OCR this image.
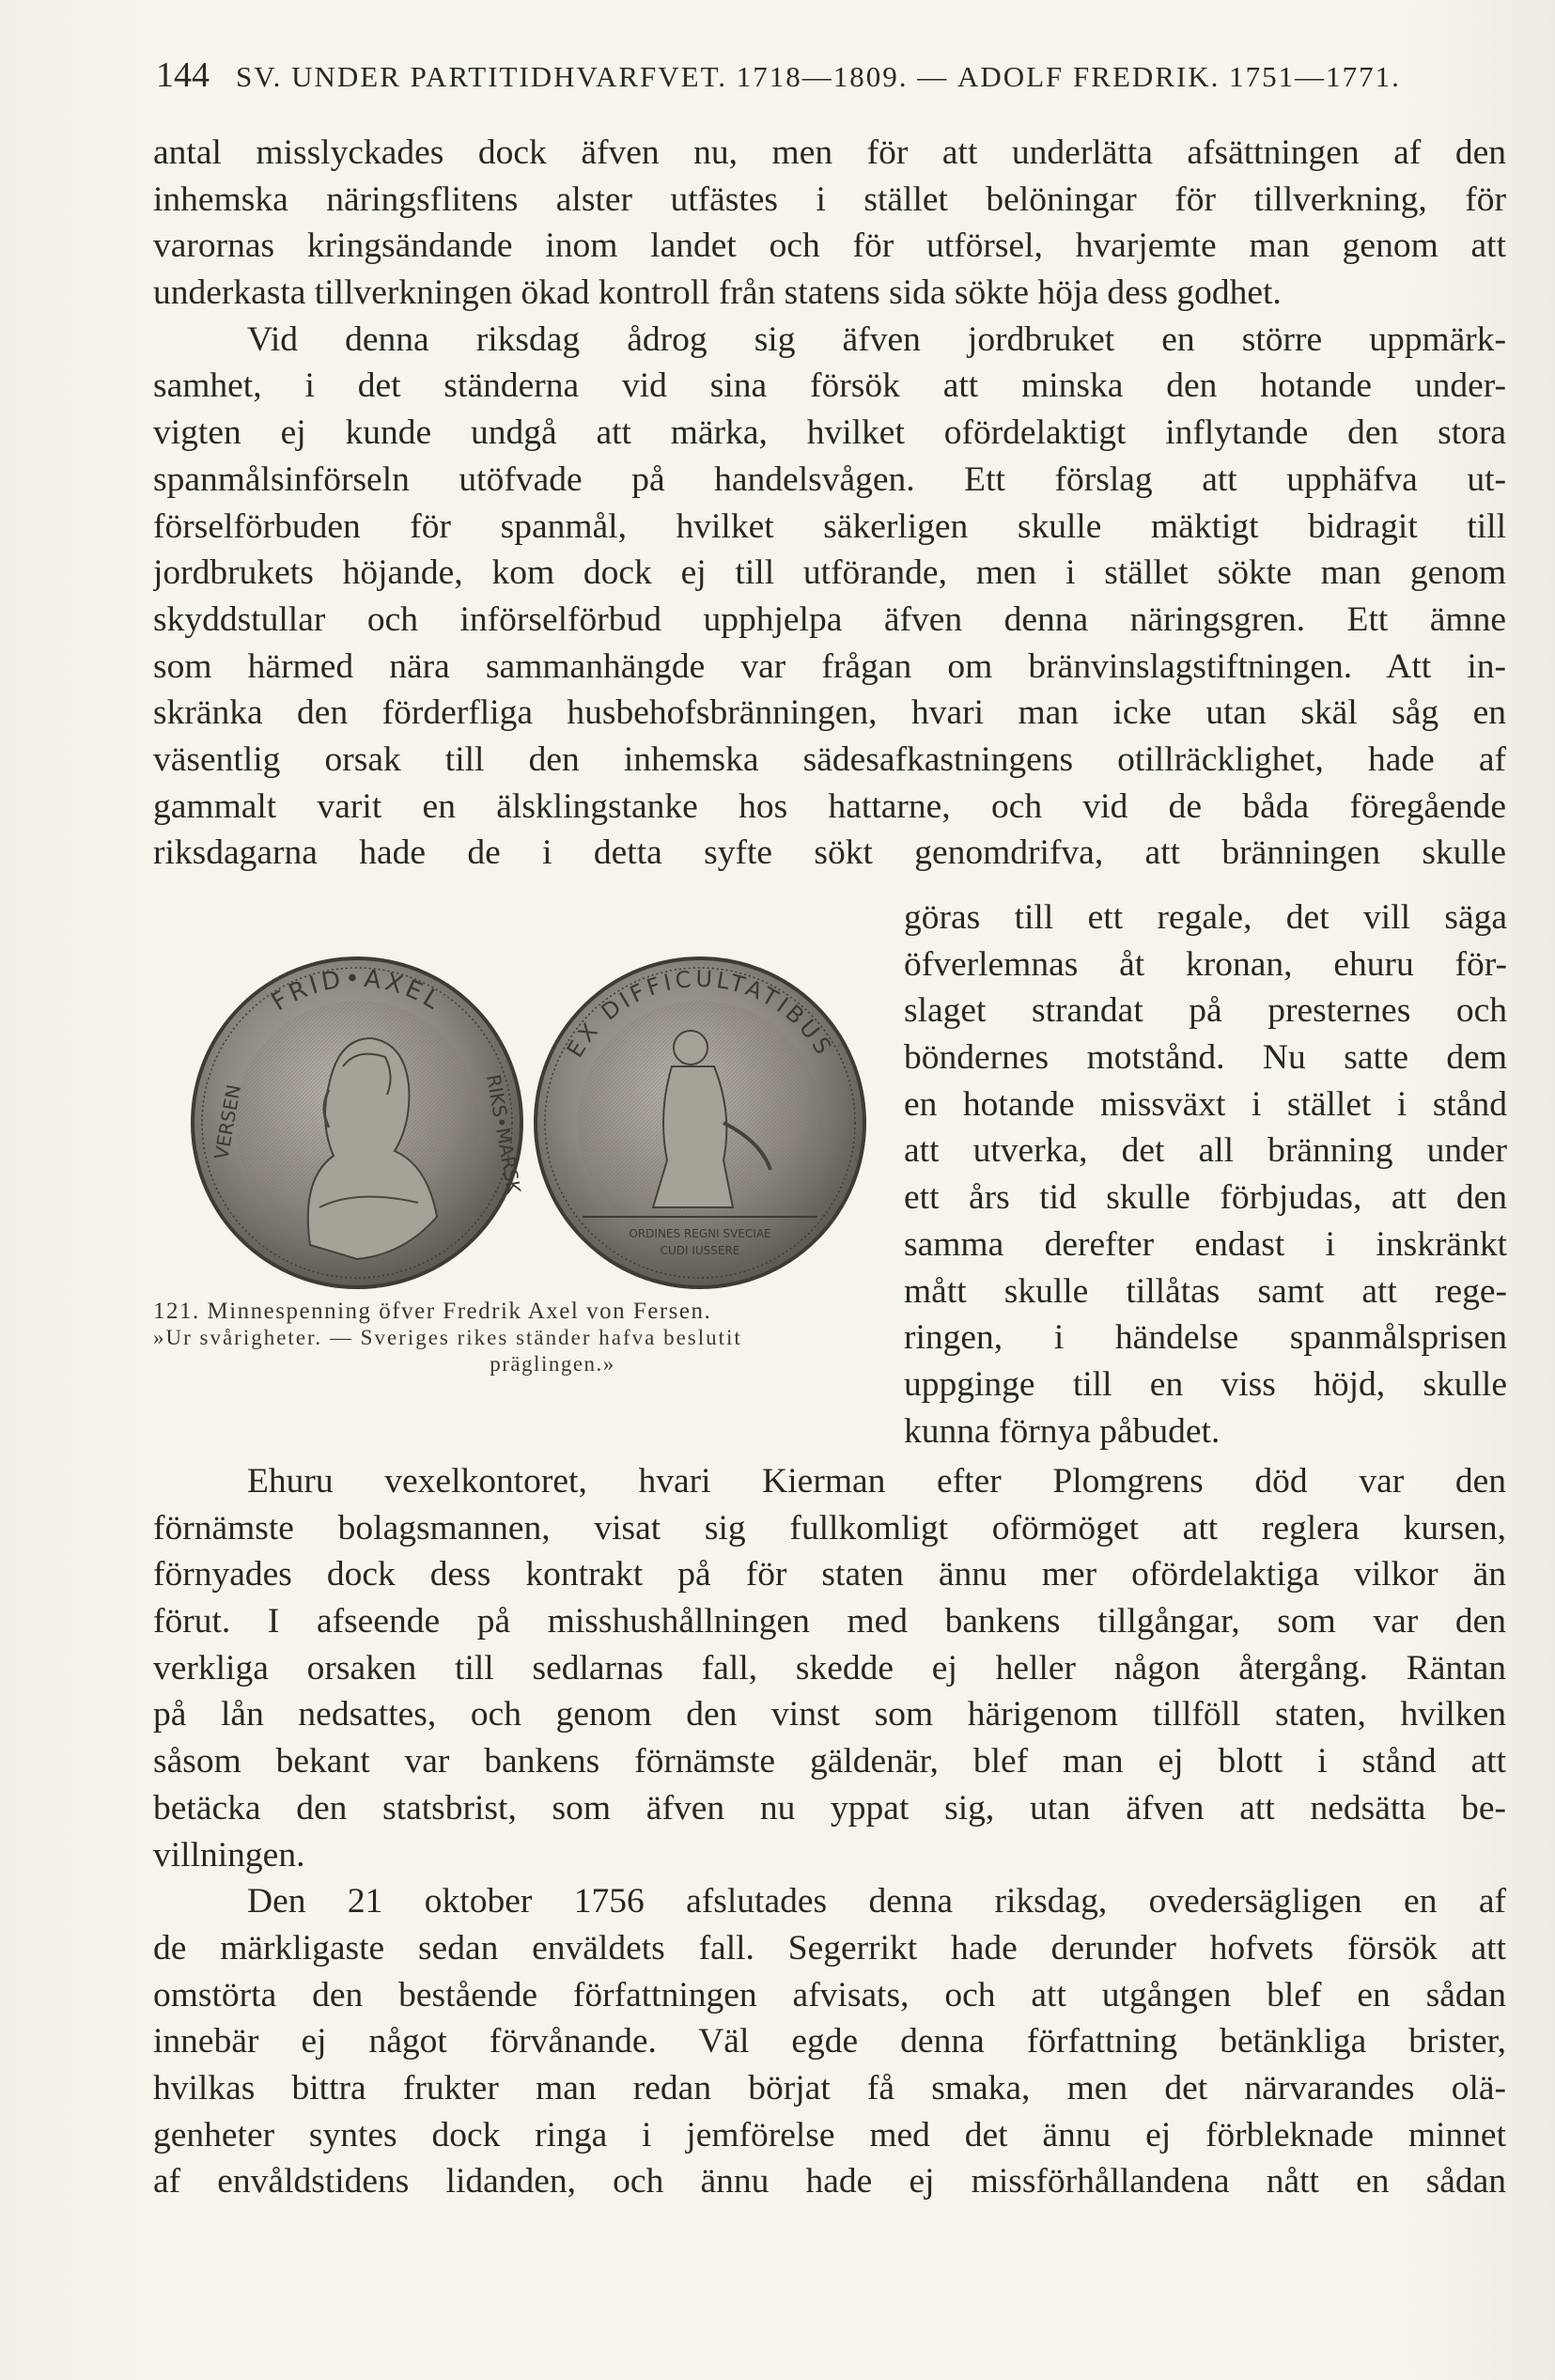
144 SV. UNDER PARTITIDHVARFVET. 1718—1809. — ADOLF FREDRIK. 1751—1771.
antal misslyckades dock äfven nu, men för att underlätta afsättningen af den
inhemska näringsflitens alster utfästes i stället belöningar för tillverkning, för
varornas kringsändande inom landet och för utförsel, hvarjemte man genom att
underkasta tillverkningen ökad kontroll från statens sida sökte höja dess godhet.
Vid denna riksdag ådrog sig äfven jordbruket en större uppmärk-
samhet, i det ständerna vid sina försök att minska den hotande under-
vigten ej kunde undgå att märka, hvilket ofördelaktigt inflytande den stora
spanmålsinförseln utöfvade på handelsvågen. Ett förslag att upphäfva ut-
förselförbuden för spanmål, hvilket säkerligen skulle mäktigt bidragit till
jordbrukets höjande, kom dock ej till utförande, men i stället sökte man genom
skyddstullar och införselförbud upphjelpa äfven denna näringsgren. Ett ämne
som härmed nära sammanhängde var frågan om bränvinslagstiftningen. Att in-
skränka den förderfliga husbehofsbränningen, hvari man icke utan skäl såg en
väsentlig orsak till den inhemska sädesafkastningens otillräcklighet, hade af
gammalt varit en älsklingstanke hos hattarne, och vid de båda föregående
riksdagarna hade de i detta syfte sökt genomdrifva, att bränningen skulle
göras till ett regale, det vill säga
öfverlemnas åt kronan, ehuru för-
slaget strandat på presternes och
böndernes motstånd. Nu satte dem
en hotande missväxt i stället i stånd
att utverka, det all bränning under
ett års tid skulle förbjudas, att den
samma derefter endast i inskränkt
mått skulle tillåtas samt att rege-
ringen, i händelse spanmålsprisen
uppginge till en viss höjd, skulle
kunna förnya påbudet.
FRID•AXEL
VERSEN	RIKS•MARSK
ORDINES REGNI SVECIAE
CUDI IUSSERE
EX DIFFICULTATIBUS
121. Minnespenning öfver Fredrik Axel von Fersen.
»Ur svårigheter. — Sveriges rikes ständer hafva beslutit
präglingen.»
Ehuru vexelkontoret, hvari Kierman efter Plomgrens död var den
förnämste bolagsmannen, visat sig fullkomligt oförmöget att reglera kursen,
förnyades dock dess kontrakt på för staten ännu mer ofördelaktiga vilkor än
förut. I afseende på misshushållningen med bankens tillgångar, som var den
verkliga orsaken till sedlarnas fall, skedde ej heller någon återgång. Räntan
på lån nedsattes, och genom den vinst som härigenom tillföll staten, hvilken
såsom bekant var bankens förnämste gäldenär, blef man ej blott i stånd att
betäcka den statsbrist, som äfven nu yppat sig, utan äfven att nedsätta be-
villningen.
Den 21 oktober 1756 afslutades denna riksdag, ovedersägligen en af
de märkligaste sedan enväldets fall. Segerrikt hade derunder hofvets försök att
omstörta den bestående författningen afvisats, och att utgången blef en sådan
innebär ej något förvånande. Väl egde denna författning betänkliga brister,
hvilkas bittra frukter man redan börjat få smaka, men det närvarandes olä-
genheter syntes dock ringa i jemförelse med det ännu ej förbleknade minnet
af envåldstidens lidanden, och ännu hade ej missförhållandena nått en sådan
